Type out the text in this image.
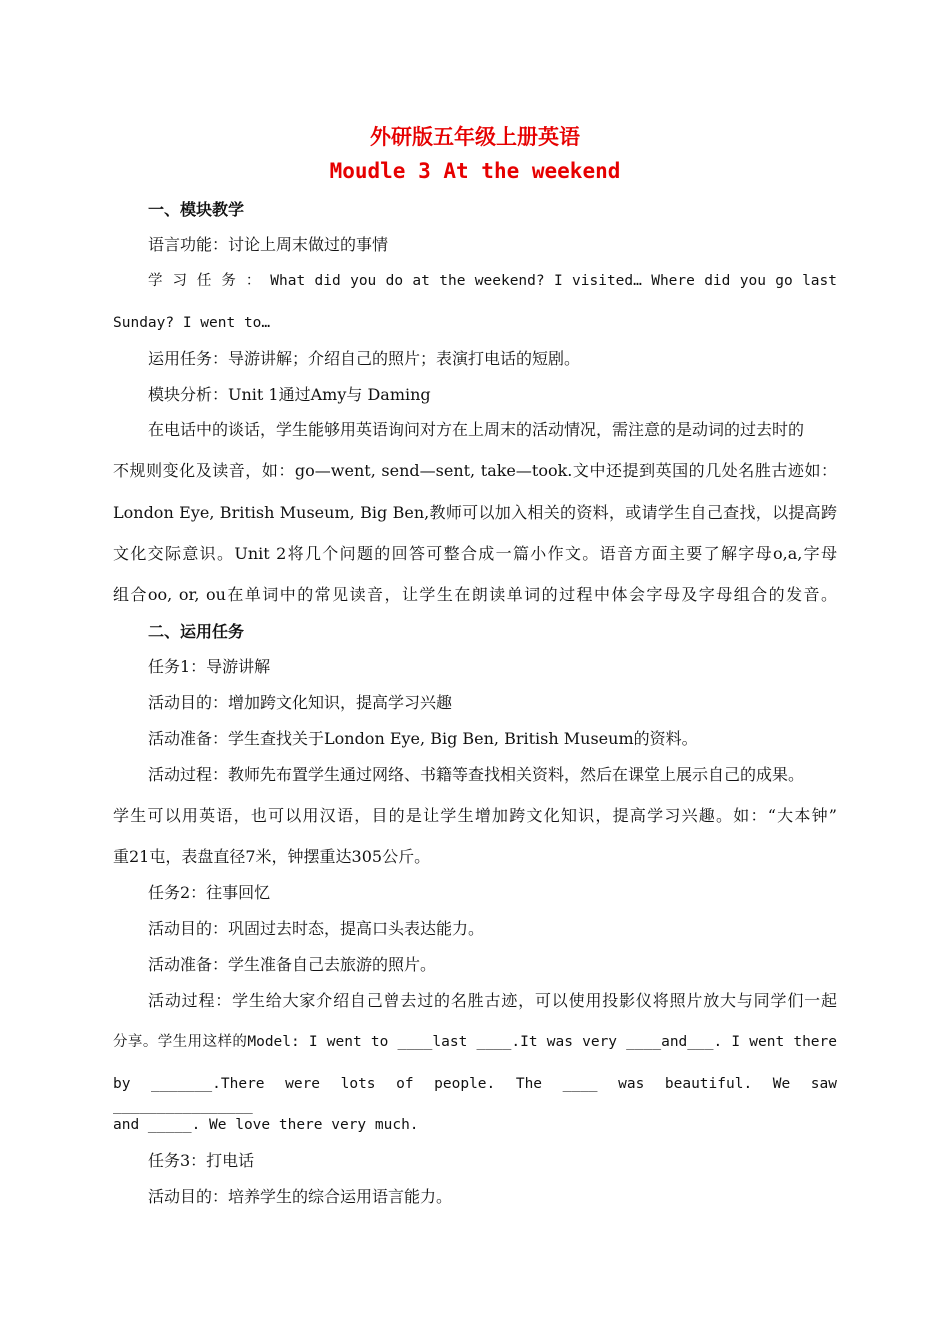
外研版五年级上册英语
Moudle 3 At the weekend
一、模块教学
语言功能：讨论上周末做过的事情
学 习 任 务 ： What did you do at the weekend? I visited… Where did you go last
Sunday? I went to…
运用任务：导游讲解；介绍自己的照片；表演打电话的短剧。
模块分析：Unit 1通过Amy与 Daming
在电话中的谈话，学生能够用英语询问对方在上周末的活动情况，需注意的是动词的过去时的
不规则变化及读音，如：go—went, send—sent, take—took.文中还提到英国的几处名胜古迹如：
London Eye, British Museum, Big Ben,教师可以加入相关的资料，或请学生自己查找，以提高跨
文化交际意识。Unit 2将几个问题的回答可整合成一篇小作文。语音方面主要了解字母o,a,字母
组合oo, or, ou在单词中的常见读音，让学生在朗读单词的过程中体会字母及字母组合的发音。
二、运用任务
任务1：导游讲解
活动目的：增加跨文化知识，提高学习兴趣
活动准备：学生查找关于London Eye, Big Ben, British Museum的资料。
活动过程：教师先布置学生通过网络、书籍等查找相关资料，然后在课堂上展示自己的成果。
学生可以用英语，也可以用汉语，目的是让学生增加跨文化知识，提高学习兴趣。如：“大本钟”
重21屯，表盘直径7米，钟摆重达305公斤。
任务2：往事回忆
活动目的：巩固过去时态，提高口头表达能力。
活动准备：学生准备自己去旅游的照片。
活动过程：学生给大家介绍自己曾去过的名胜古迹，可以使用投影仪将照片放大与同学们一起
分享。学生用这样的Model: I went to ____last ____.It was very ____and___. I went there
by _______.There were lots of people. The ____ was beautiful. We saw ________________
and _____. We love there very much.
任务3：打电话
活动目的：培养学生的综合运用语言能力。
